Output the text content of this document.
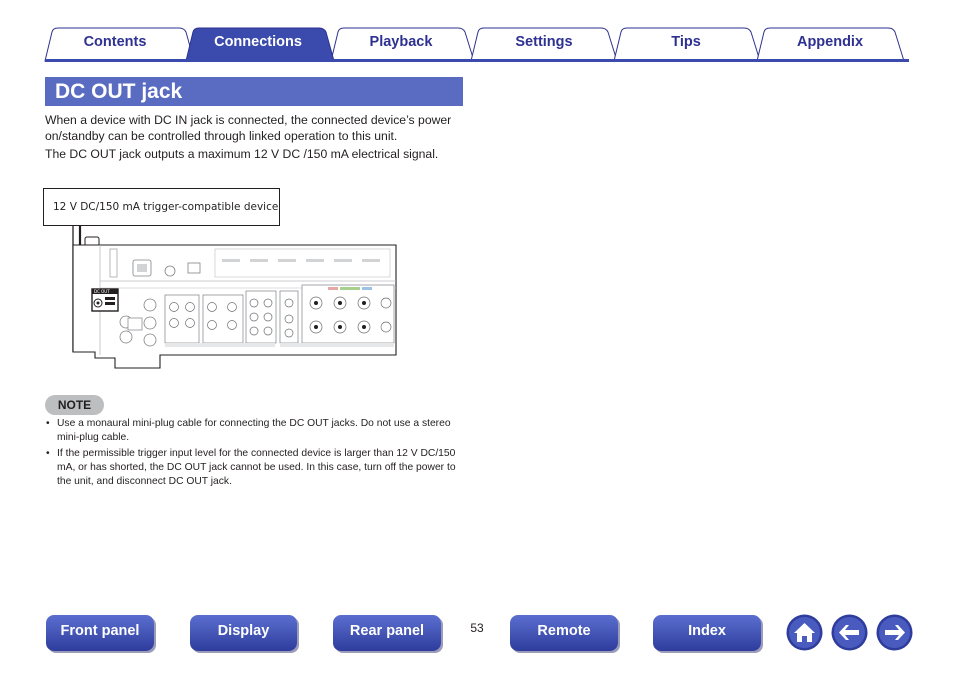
Contents	Connections	Playback	Settings	Tips	Appendix
DC OUT jack

When a device with DC IN jack is connected, the connected device’s power on/standby can be controlled through linked operation to this unit.

The DC OUT jack outputs a maximum 12 V DC /150 mA electrical signal.

12 V DC/150 mA trigger-compatible device
DC OUT
NOTE
• Use a monaural mini-plug cable for connecting the DC OUT jacks. Do not use a stereo mini-plug cable.
• If the permissible trigger input level for the connected device is larger than 12 V DC/150 mA, or has shorted, the DC OUT jack cannot be used. In this case, turn off the power to the unit, and disconnect DC OUT jack.
Front panel	Display	Rear panel	53	Remote	Index
